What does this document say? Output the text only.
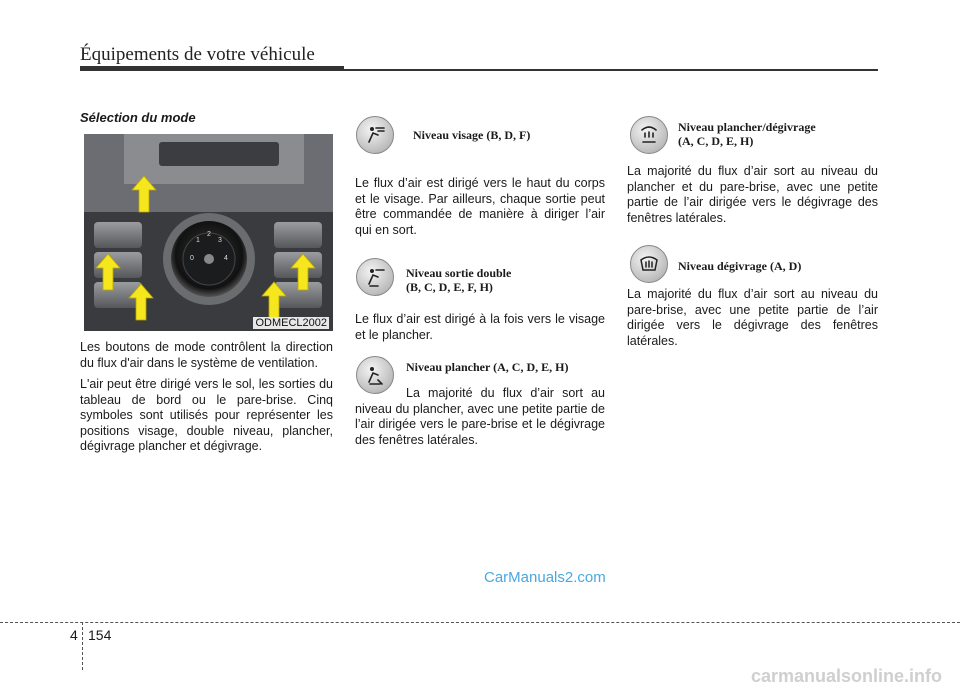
Équipements de votre véhicule
Sélection du mode
0
1
2
3
4
ODMECL2002

Les boutons de mode contrôlent la direction du flux d'air dans le système de ventilation.

L'air peut être dirigé vers le sol, les sorties du tableau de bord ou le pare-brise. Cinq symboles sont utilisés pour représenter les positions visage, double niveau, plancher, dégivrage plancher et dégivrage.

Niveau visage (B, D, F)
Le flux d’air est dirigé vers le haut du corps et le visage. Par ailleurs, chaque sortie peut être commandée de manière à diriger l’air qui en sort.
Niveau sortie double
(B, C, D, E, F, H)
Le flux d’air est dirigé à la fois vers le visage et le plancher.
Niveau plancher (A, C, D, E, H)
La majorité du flux d’air sort au niveau du plancher, avec une petite partie de l’air dirigée vers le pare-brise et le dégivrage des fenêtres latérales.
Niveau plancher/dégivrage
(A, C, D, E, H)
La majorité du flux d’air sort au niveau du plancher et du pare-brise, avec une petite partie de l’air dirigée vers le dégivrage des fenêtres latérales.
Niveau dégivrage (A, D)
La majorité du flux d’air sort au niveau du pare-brise, avec une petite partie de l’air dirigée vers le dégivrage des fenêtres latérales.
CarManuals2.com
4 154
carmanualsonline.info
